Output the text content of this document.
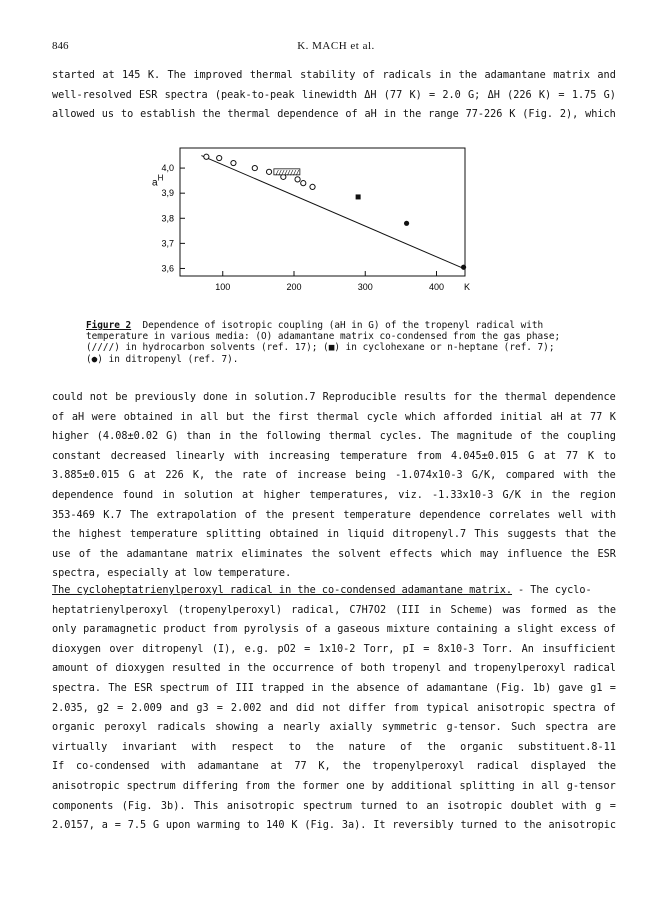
846	K. MACH et al.
started at 145 K. The improved thermal stability of radicals in the adamantane matrix and
well-resolved ESR spectra (peak-to-peak linewidth ΔH (77 K) = 2.0 G; ΔH (226 K) = 1.75 G)
allowed us to establish the thermal dependence of aH in the range 77-226 K (Fig. 2), which
3,6
3,7
3,8
3,9
4,0
100	200	300	400 K
$a^H$
////////
Figure 2 Dependence of isotropic coupling (aH in G) of the tropenyl radical with
temperature in various media: (O) adamantane matrix co-condensed from the gas phase;
(////) in hydrocarbon solvents (ref. 17); (■) in cyclohexane or n-heptane (ref. 7);
(●) in ditropenyl (ref. 7).
could not be previously done in solution.7 Reproducible results for the thermal dependence
of aH were obtained in all but the first thermal cycle which afforded initial aH at 77 K
higher (4.08±0.02 G) than in the following thermal cycles. The magnitude of the coupling
constant decreased linearly with increasing temperature from 4.045±0.015 G at 77 K to
3.885±0.015 G at 226 K, the rate of increase being -1.074x10-3 G/K, compared with the
dependence found in solution at higher temperatures, viz. -1.33x10-3 G/K in the region
353-469 K.7 The extrapolation of the present temperature dependence correlates well with
the highest temperature splitting obtained in liquid ditropenyl.7 This suggests that the
use of the adamantane matrix eliminates the solvent effects which may influence the ESR
spectra, especially at low temperature.
The cycloheptatrienylperoxyl radical in the co-condensed adamantane matrix. - The cyclo-
heptatrienylperoxyl (tropenylperoxyl) radical, C7H7O2 (III in Scheme) was formed as the
only paramagnetic product from pyrolysis of a gaseous mixture containing a slight excess of
dioxygen over ditropenyl (I), e.g. pO2 = 1x10-2 Torr, pI = 8x10-3 Torr. An insufficient
amount of dioxygen resulted in the occurrence of both tropenyl and tropenylperoxyl radical
spectra. The ESR spectrum of III trapped in the absence of adamantane (Fig. 1b) gave g1 =
2.035, g2 = 2.009 and g3 = 2.002 and did not differ from typical anisotropic spectra of
organic peroxyl radicals showing a nearly axially symmetric g-tensor. Such spectra are
virtually invariant with respect to the nature of the organic substituent.8-11
If co-condensed with adamantane at 77 K, the tropenylperoxyl radical displayed the
anisotropic spectrum differing from the former one by additional splitting in all g-tensor
components (Fig. 3b). This anisotropic spectrum turned to an isotropic doublet with g =
2.0157, a = 7.5 G upon warming to 140 K (Fig. 3a). It reversibly turned to the anisotropic
